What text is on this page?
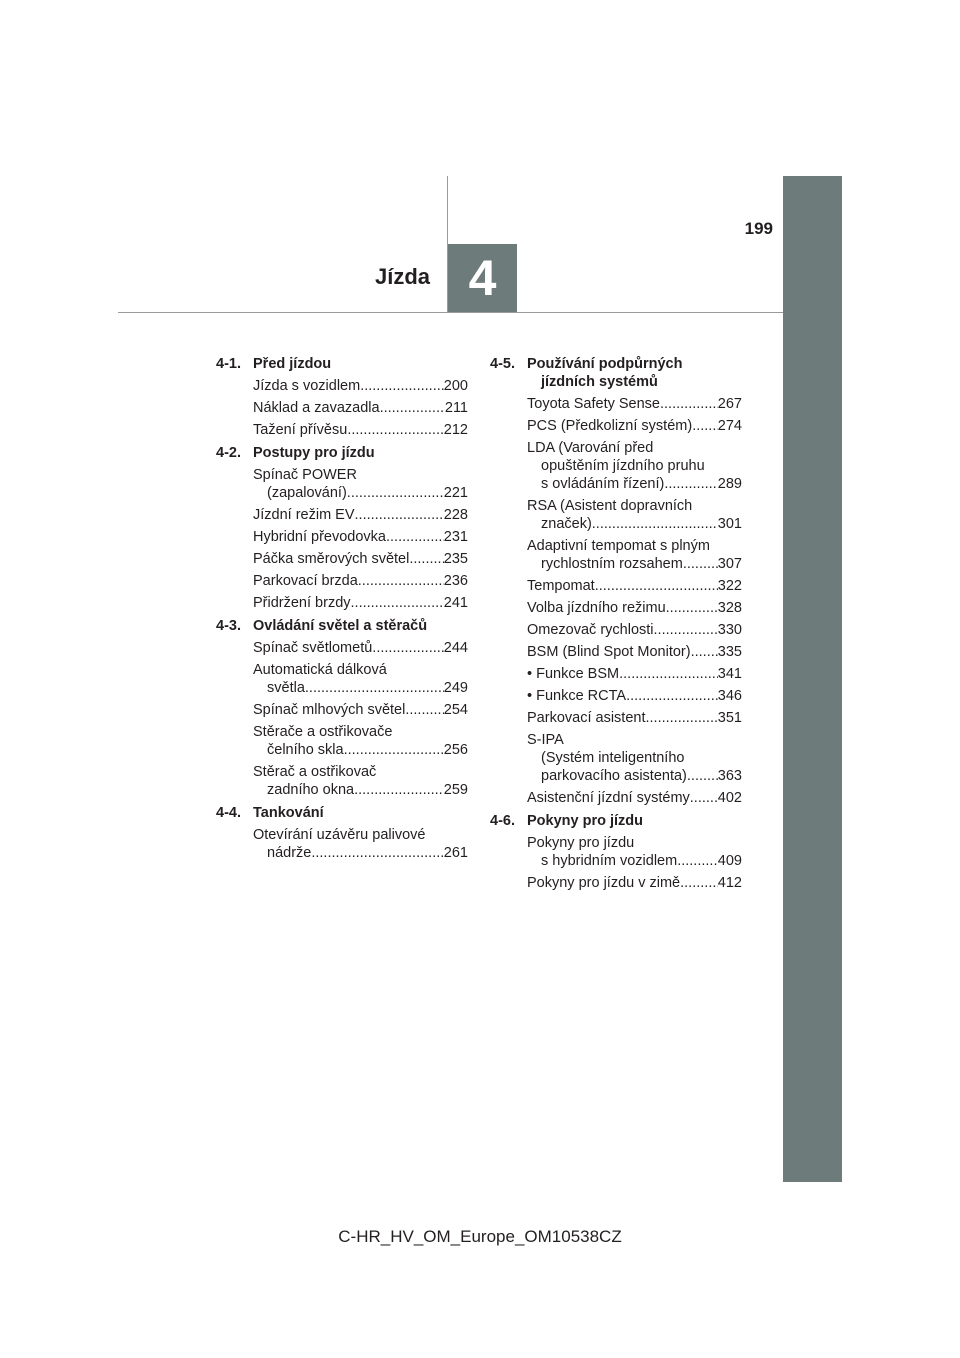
4
Jízda
199
4-1. Před jízdou
Jízda s vozidlem .....	200
Náklad a zavazadla .....	211
Tažení přívěsu .....	212
4-2. Postupy pro jízdu
Spínač POWER
(zapalování) .....	221
Jízdní režim EV .....	228
Hybridní převodovka .....	231
Páčka směrových světel ..... 235
Parkovací brzda .....	236
Přidržení brzdy .....	241
4-3. Ovládání světel a stěračů
Spínač světlometů .....	244
Automatická dálková
světla .....	249
Spínač mlhových světel .....	254
Stěrače a ostřikovače
čelního skla .....	256
Stěrač a ostřikovač
zadního okna .....	259
4-4. Tankování
Otevírání uzávěru palivové
nádrže .....	261
4-5. Používání podpůrných
jízdních systémů
Toyota Safety Sense .....	267
PCS (Předkolizní systém) ..... 274
LDA (Varování před
opuštěním jízdního pruhu
s ovládáním řízení) .....	289
RSA (Asistent dopravních
značek) .....	301
Adaptivní tempomat s plným
rychlostním rozsahem ..... 307
Tempomat .....	322
Volba jízdního režimu .....	328
Omezovač rychlosti .....	330
BSM (Blind Spot Monitor) ..... 335
• Funkce BSM .....	341
• Funkce RCTA .....	346
Parkovací asistent .....	351
S-IPA
(Systém inteligentního
parkovacího asistenta) ..... 363
Asistenční jízdní systémy ..... 402
4-6. Pokyny pro jízdu
Pokyny pro jízdu
s hybridním vozidlem .....	409
Pokyny pro jízdu v zimě .....	412
C-HR_HV_OM_Europe_OM10538CZ
